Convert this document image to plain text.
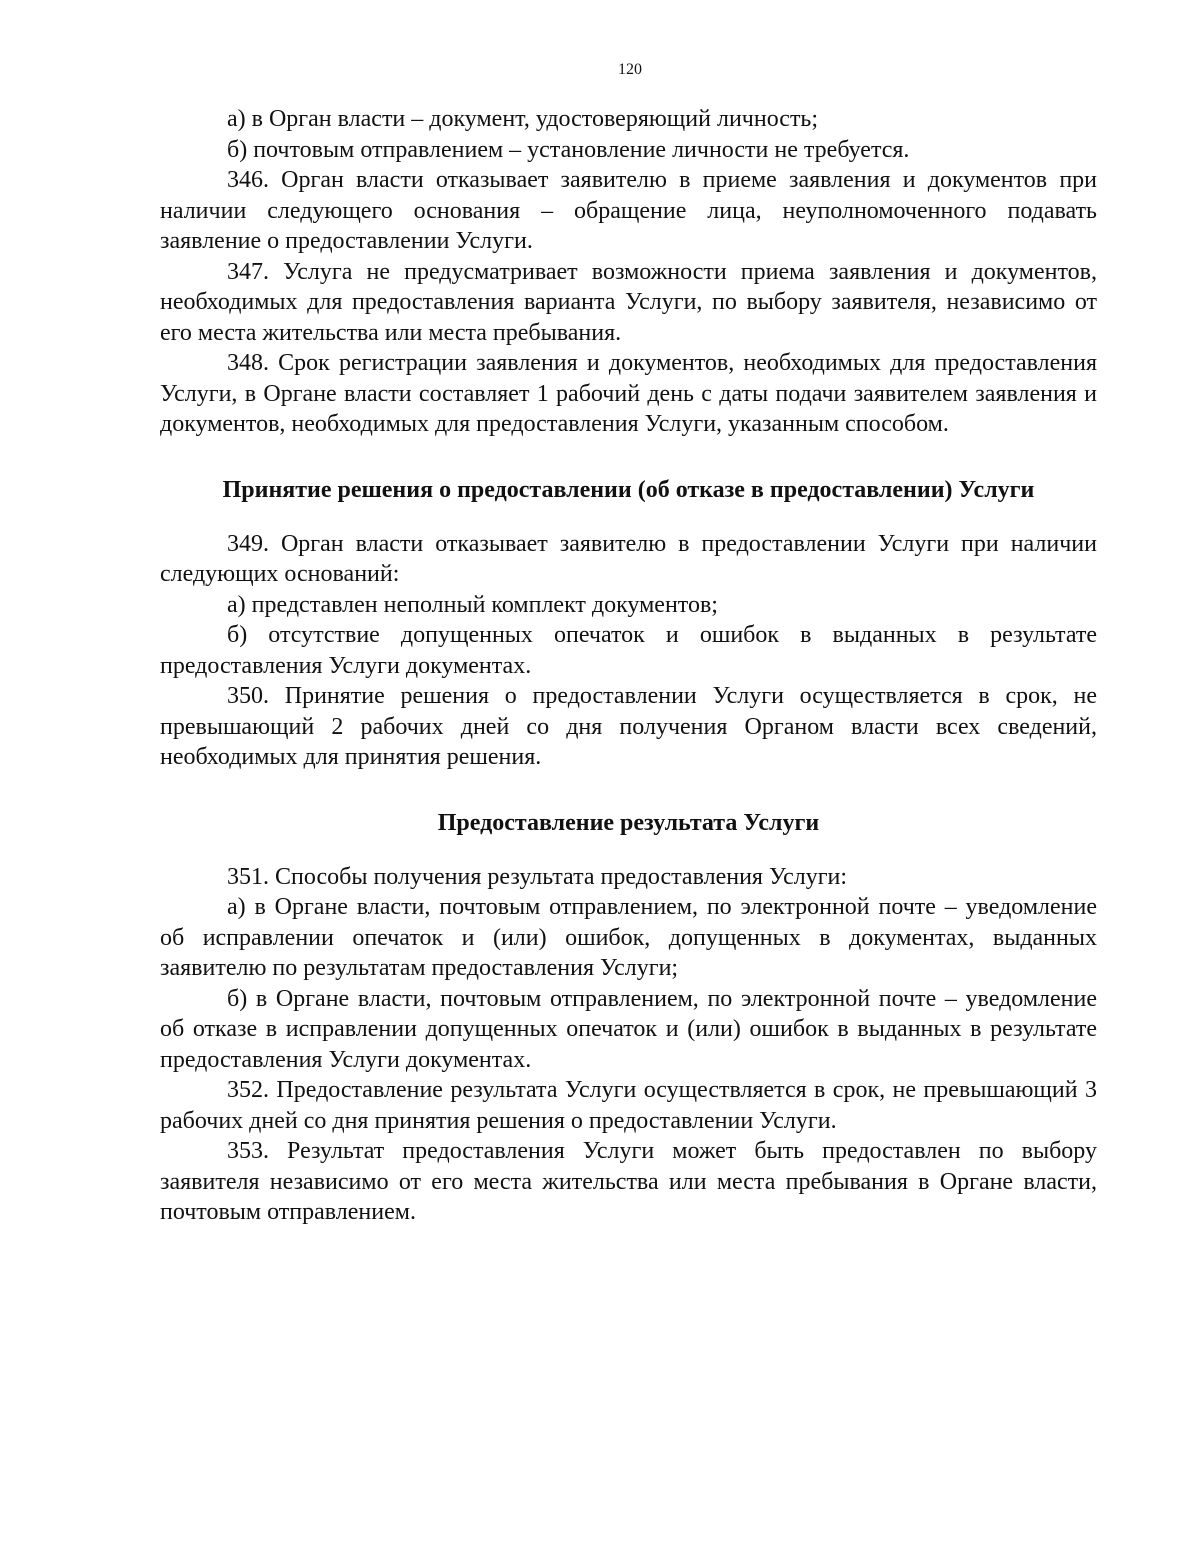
120

а) в Орган власти – документ, удостоверяющий личность;

б) почтовым отправлением – установление личности не требуется.

346. Орган власти отказывает заявителю в приеме заявления и документов при наличии следующего основания – обращение лица, неуполномоченного подавать заявление о предоставлении Услуги.

347. Услуга не предусматривает возможности приема заявления и документов, необходимых для предоставления варианта Услуги, по выбору заявителя, независимо от его места жительства или места пребывания.

348. Срок регистрации заявления и документов, необходимых для предоставления Услуги, в Органе власти составляет 1 рабочий день с даты подачи заявителем заявления и документов, необходимых для предоставления Услуги, указанным способом.

Принятие решения о предоставлении (об отказе в предоставлении) Услуги

349. Орган власти отказывает заявителю в предоставлении Услуги при наличии следующих оснований:

а) представлен неполный комплект документов;

б) отсутствие допущенных опечаток и ошибок в выданных в результате предоставления Услуги документах.

350. Принятие решения о предоставлении Услуги осуществляется в срок, не превышающий 2 рабочих дней со дня получения Органом власти всех сведений, необходимых для принятия решения.

Предоставление результата Услуги

351. Способы получения результата предоставления Услуги:

а) в Органе власти, почтовым отправлением, по электронной почте – уведомление об исправлении опечаток и (или) ошибок, допущенных в документах, выданных заявителю по результатам предоставления Услуги;

б) в Органе власти, почтовым отправлением, по электронной почте – уведомление об отказе в исправлении допущенных опечаток и (или) ошибок в выданных в результате предоставления Услуги документах.

352. Предоставление результата Услуги осуществляется в срок, не превышающий 3 рабочих дней со дня принятия решения о предоставлении Услуги.

353. Результат предоставления Услуги может быть предоставлен по выбору заявителя независимо от его места жительства или места пребывания в Органе власти, почтовым отправлением.
